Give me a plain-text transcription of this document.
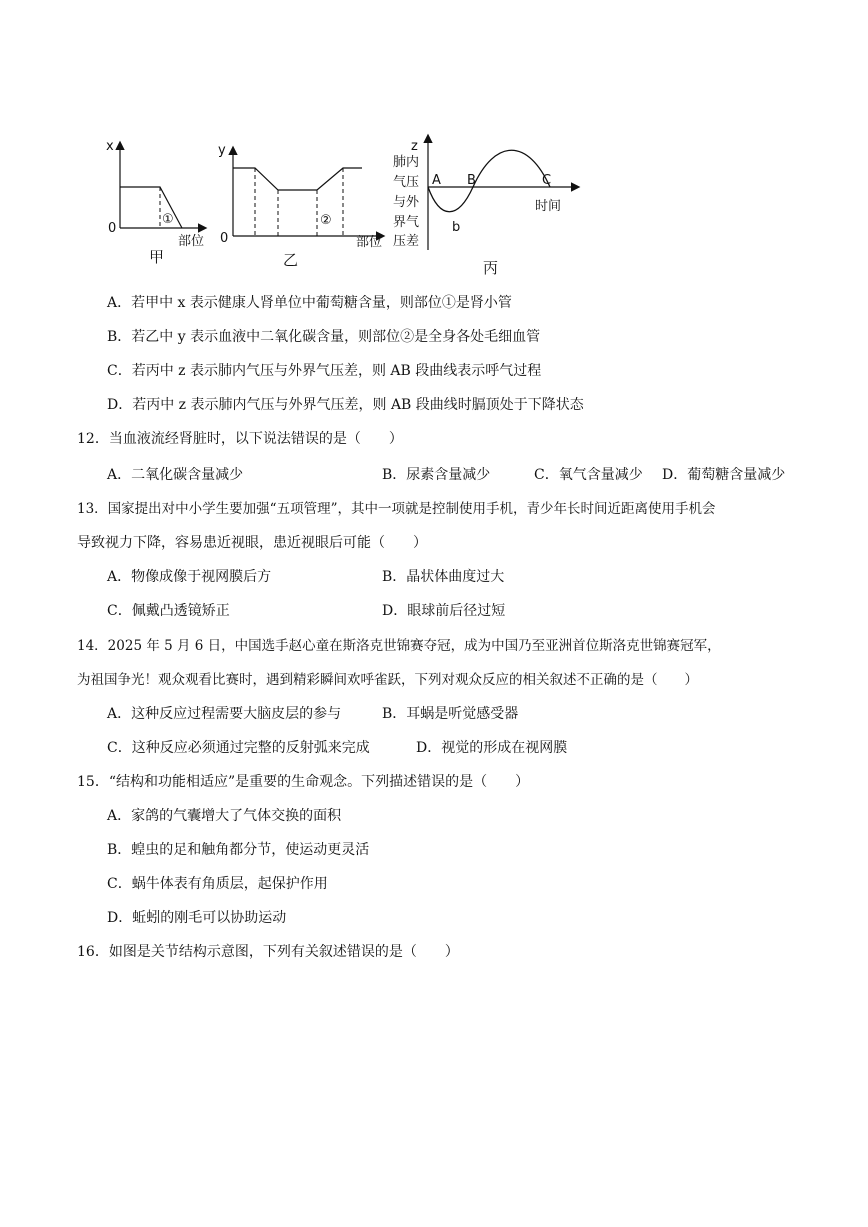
x
0
①
部位
甲
y
0
②
部位
乙
z
肺内
气压
与外
界气
压差
A B	C
b
时间
丙
A．若甲中 x 表示健康人肾单位中葡萄糖含量，则部位①是肾小管
B．若乙中 y 表示血液中二氧化碳含量，则部位②是全身各处毛细血管
C．若丙中 z 表示肺内气压与外界气压差，则 AB 段曲线表示呼气过程
D．若丙中 z 表示肺内气压与外界气压差，则 AB 段曲线时膈顶处于下降状态
12．当血液流经肾脏时，以下说法错误的是（　　）
A．二氧化碳含量减少	B．尿素含量减少	C．氧气含量减少 D．葡萄糖含量减少
13．国家提出对中小学生要加强“五项管理”，其中一项就是控制使用手机，青少年长时间近距离使用手机会
导致视力下降，容易患近视眼，患近视眼后可能（　　）
A．物像成像于视网膜后方	B．晶状体曲度过大
C．佩戴凸透镜矫正	D．眼球前后径过短
14．2025 年 5 月 6 日，中国选手赵心童在斯洛克世锦赛夺冠，成为中国乃至亚洲首位斯洛克世锦赛冠军，
为祖国争光！观众观看比赛时，遇到精彩瞬间欢呼雀跃，下列对观众反应的相关叙述不正确的是（　　）
A．这种反应过程需要大脑皮层的参与	B．耳蜗是听觉感受器
C．这种反应必须通过完整的反射弧来完成	D．视觉的形成在视网膜
15．“结构和功能相适应”是重要的生命观念。下列描述错误的是（　　）
A．家鸽的气囊增大了气体交换的面积
B．蝗虫的足和触角都分节，使运动更灵活
C．蜗牛体表有角质层，起保护作用
D．蚯蚓的刚毛可以协助运动
16．如图是关节结构示意图，下列有关叙述错误的是（　　）
